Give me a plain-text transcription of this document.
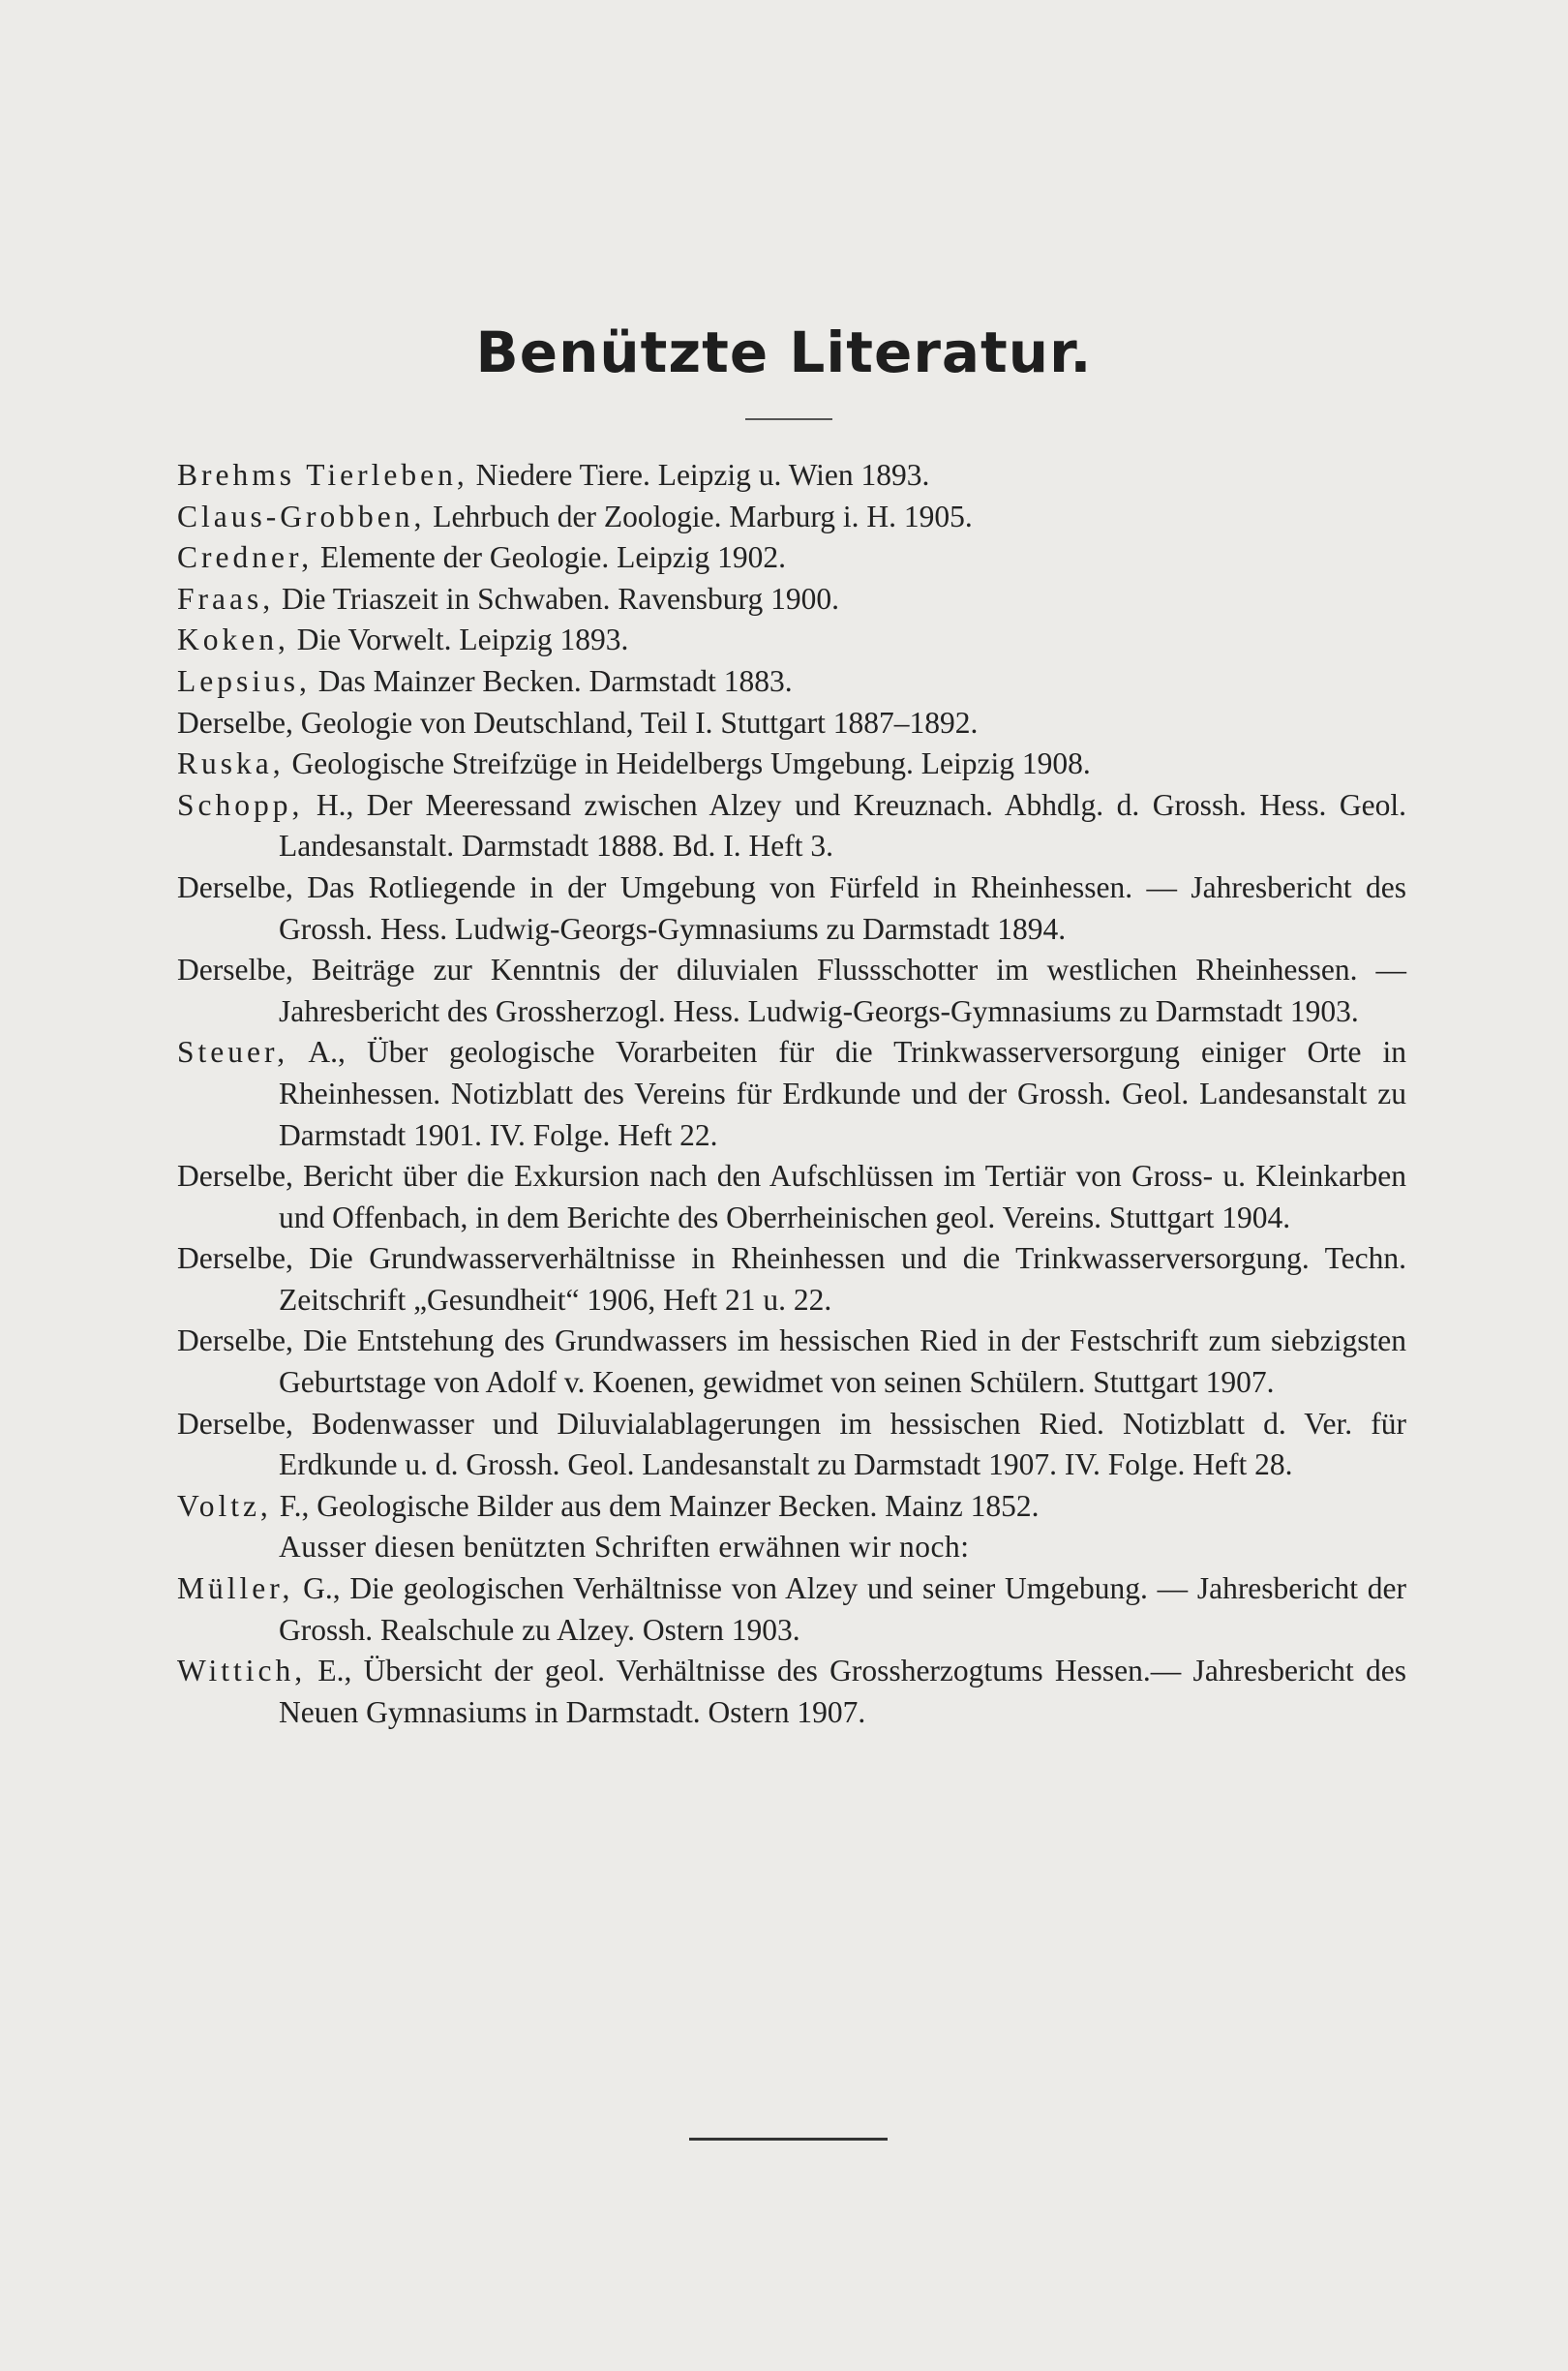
Benützte Literatur.
Brehms Tierleben, Niedere Tiere. Leipzig u. Wien 1893.
Claus-Grobben, Lehrbuch der Zoologie. Marburg i. H. 1905.
Credner, Elemente der Geologie. Leipzig 1902.
Fraas, Die Triaszeit in Schwaben. Ravensburg 1900.
Koken, Die Vorwelt. Leipzig 1893.
Lepsius, Das Mainzer Becken. Darmstadt 1883.
Derselbe, Geologie von Deutschland, Teil I. Stuttgart 1887–1892.
Ruska, Geologische Streifzüge in Heidelbergs Umgebung. Leipzig 1908.
Schopp, H., Der Meeressand zwischen Alzey und Kreuznach. Abhdlg. d. Grossh. Hess. Geol. Landesanstalt. Darmstadt 1888. Bd. I. Heft 3.
Derselbe, Das Rotliegende in der Umgebung von Fürfeld in Rheinhessen. — Jahresbericht des Grossh. Hess. Ludwig-Georgs-Gymnasiums zu Darmstadt 1894.
Derselbe, Beiträge zur Kenntnis der diluvialen Flussschotter im westlichen Rheinhessen. — Jahresbericht des Grossherzogl. Hess. Ludwig-Georgs-Gymnasiums zu Darmstadt 1903.
Steuer, A., Über geologische Vorarbeiten für die Trinkwasserversorgung einiger Orte in Rheinhessen. Notizblatt des Vereins für Erdkunde und der Grossh. Geol. Landesanstalt zu Darmstadt 1901. IV. Folge. Heft 22.
Derselbe, Bericht über die Exkursion nach den Aufschlüssen im Tertiär von Gross- u. Kleinkarben und Offenbach, in dem Berichte des Oberrheinischen geol. Vereins. Stuttgart 1904.
Derselbe, Die Grundwasserverhältnisse in Rheinhessen und die Trinkwasserversorgung. Techn. Zeitschrift „Gesundheit“ 1906, Heft 21 u. 22.
Derselbe, Die Entstehung des Grundwassers im hessischen Ried in der Festschrift zum siebzigsten Geburtstage von Adolf v. Koenen, gewidmet von seinen Schülern. Stuttgart 1907.
Derselbe, Bodenwasser und Diluvialablagerungen im hessischen Ried. Notizblatt d. Ver. für Erdkunde u. d. Grossh. Geol. Landesanstalt zu Darmstadt 1907. IV. Folge. Heft 28.
Voltz, F., Geologische Bilder aus dem Mainzer Becken. Mainz 1852.
Ausser diesen benützten Schriften erwähnen wir noch:
Müller, G., Die geologischen Verhältnisse von Alzey und seiner Umgebung. — Jahresbericht der Grossh. Realschule zu Alzey. Ostern 1903.
Wittich, E., Übersicht der geol. Verhältnisse des Grossherzogtums Hessen.— Jahresbericht des Neuen Gymnasiums in Darmstadt. Ostern 1907.
